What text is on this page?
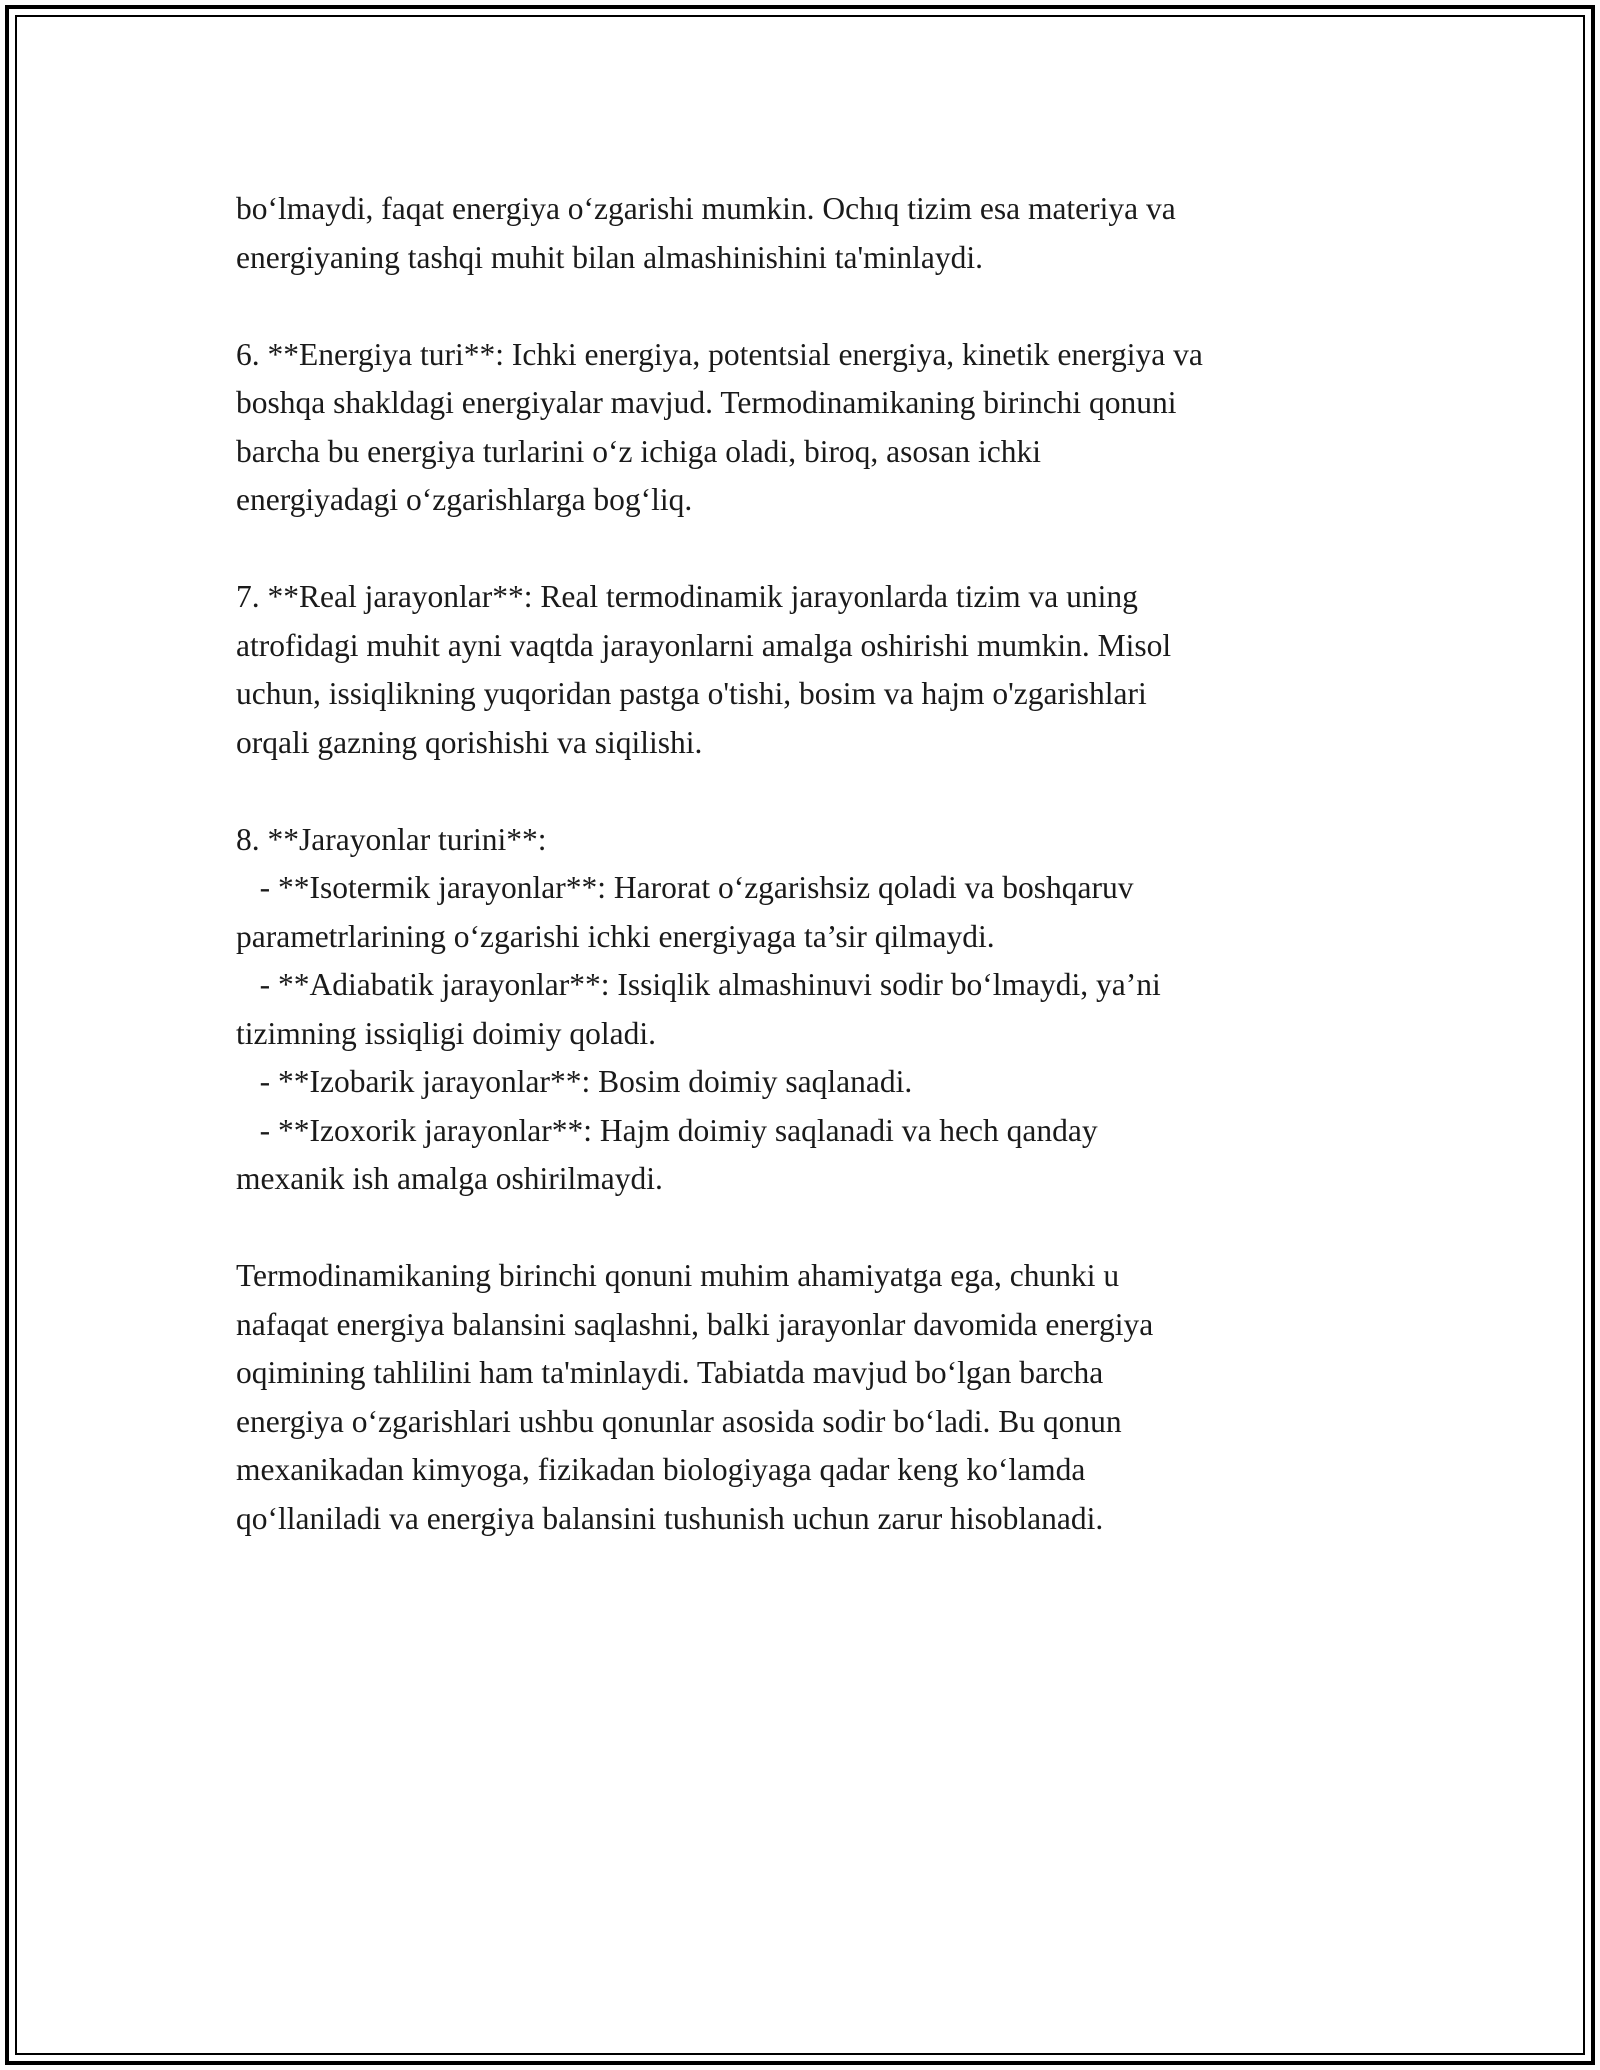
bo‘lmaydi, faqat energiya o‘zgarishi mumkin. Ochıq tizim esa materiya va
energiyaning tashqi muhit bilan almashinishini ta'minlaydi.
6. **Energiya turi**: Ichki energiya, potentsial energiya, kinetik energiya va
boshqa shakldagi energiyalar mavjud. Termodinamikaning birinchi qonuni
barcha bu energiya turlarini o‘z ichiga oladi, biroq, asosan ichki
energiyadagi o‘zgarishlarga bog‘liq.
7. **Real jarayonlar**: Real termodinamik jarayonlarda tizim va uning
atrofidagi muhit ayni vaqtda jarayonlarni amalga oshirishi mumkin. Misol
uchun, issiqlikning yuqoridan pastga o'tishi, bosim va hajm o'zgarishlari
orqali gazning qorishishi va siqilishi.
8. **Jarayonlar turini**:
- **Isotermik jarayonlar**: Harorat o‘zgarishsiz qoladi va boshqaruv
parametrlarining o‘zgarishi ichki energiyaga ta’sir qilmaydi.
- **Adiabatik jarayonlar**: Issiqlik almashinuvi sodir bo‘lmaydi, ya’ni
tizimning issiqligi doimiy qoladi.
- **Izobarik jarayonlar**: Bosim doimiy saqlanadi.
- **Izoxorik jarayonlar**: Hajm doimiy saqlanadi va hech qanday
mexanik ish amalga oshirilmaydi.
Termodinamikaning birinchi qonuni muhim ahamiyatga ega, chunki u
nafaqat energiya balansini saqlashni, balki jarayonlar davomida energiya
oqimining tahlilini ham ta'minlaydi. Tabiatda mavjud bo‘lgan barcha
energiya o‘zgarishlari ushbu qonunlar asosida sodir bo‘ladi. Bu qonun
mexanikadan kimyoga, fizikadan biologiyaga qadar keng ko‘lamda
qo‘llaniladi va energiya balansini tushunish uchun zarur hisoblanadi.
